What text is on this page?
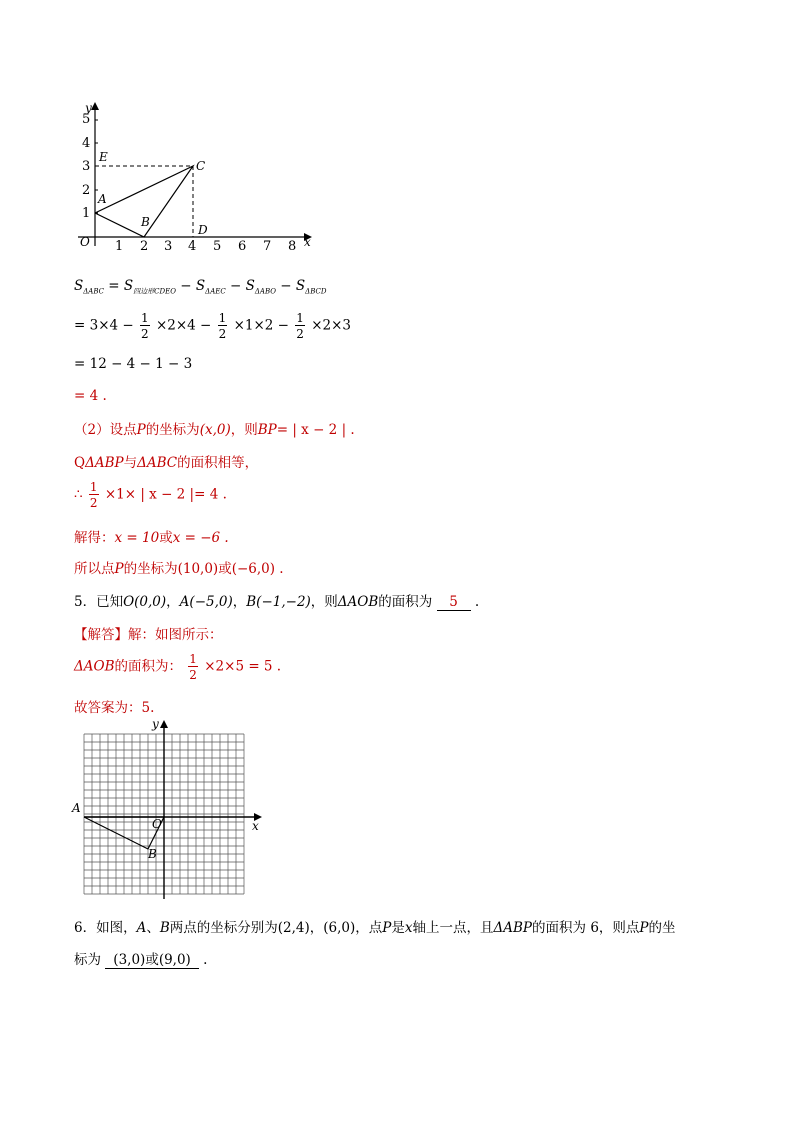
y
x
O
5
4
3
2
1
1 2 3 4 5 6 7 8
E
C
A
B
D
$S_{\Delta ABC} = S_{四边形CDEO} - S_{\Delta AEC} - S_{\Delta ABO} - S_{\Delta BCD}$
= $3\times 4 - \frac{1}{2} \times 2\times 4 - \frac{1}{2} \times 1\times 2 - \frac{1}{2} \times 2\times 3$
= 12 − 4 − 1 − 3
= 4 .
（2）设点P的坐标为(x,0)，则BP= | x − 2 | .
QΔABP与ΔABC的面积相等，
∴ $\frac{1}{2} \times 1\times$ | x − 2 |= 4 .
解得：x = 10或x = −6 .
所以点P的坐标为(10,0)或(−6,0) .
5．已知O(0,0)，A(−5,0)，B(−1,−2)，则ΔAOB的面积为 5 .
【解答】解：如图所示：
ΔAOB的面积为： $\frac{1}{2} \times 2\times 5 = 5$ .
故答案为：5.
y
x
O
A
B
6．如图，A、B两点的坐标分别为(2,4)，(6,0)，点P是x轴上一点，且ΔABP的面积为 6，则点P的坐
标为 (3,0)或(9,0) .
